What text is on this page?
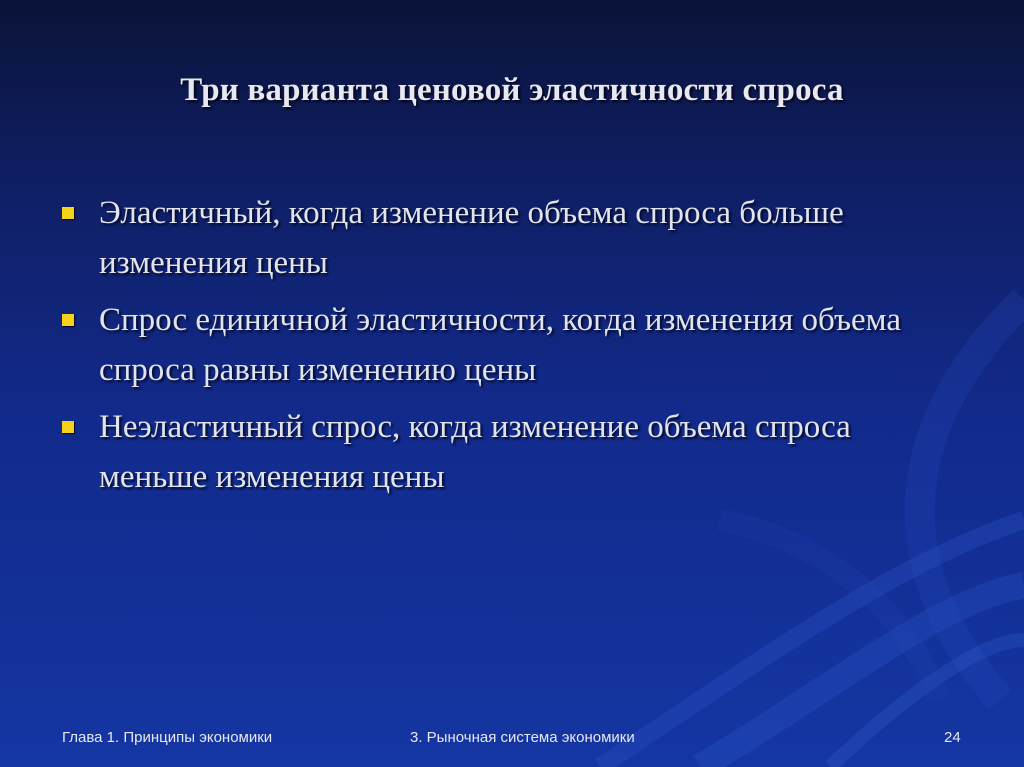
Три варианта ценовой эластичности спроса
Эластичный, когда изменение объема спроса больше изменения цены
Спрос единичной эластичности, когда изменения объема спроса равны изменению цены
Неэластичный спрос, когда изменение объема спроса меньше изменения цены
Глава 1. Принципы экономики	3. Рыночная система экономики	24
